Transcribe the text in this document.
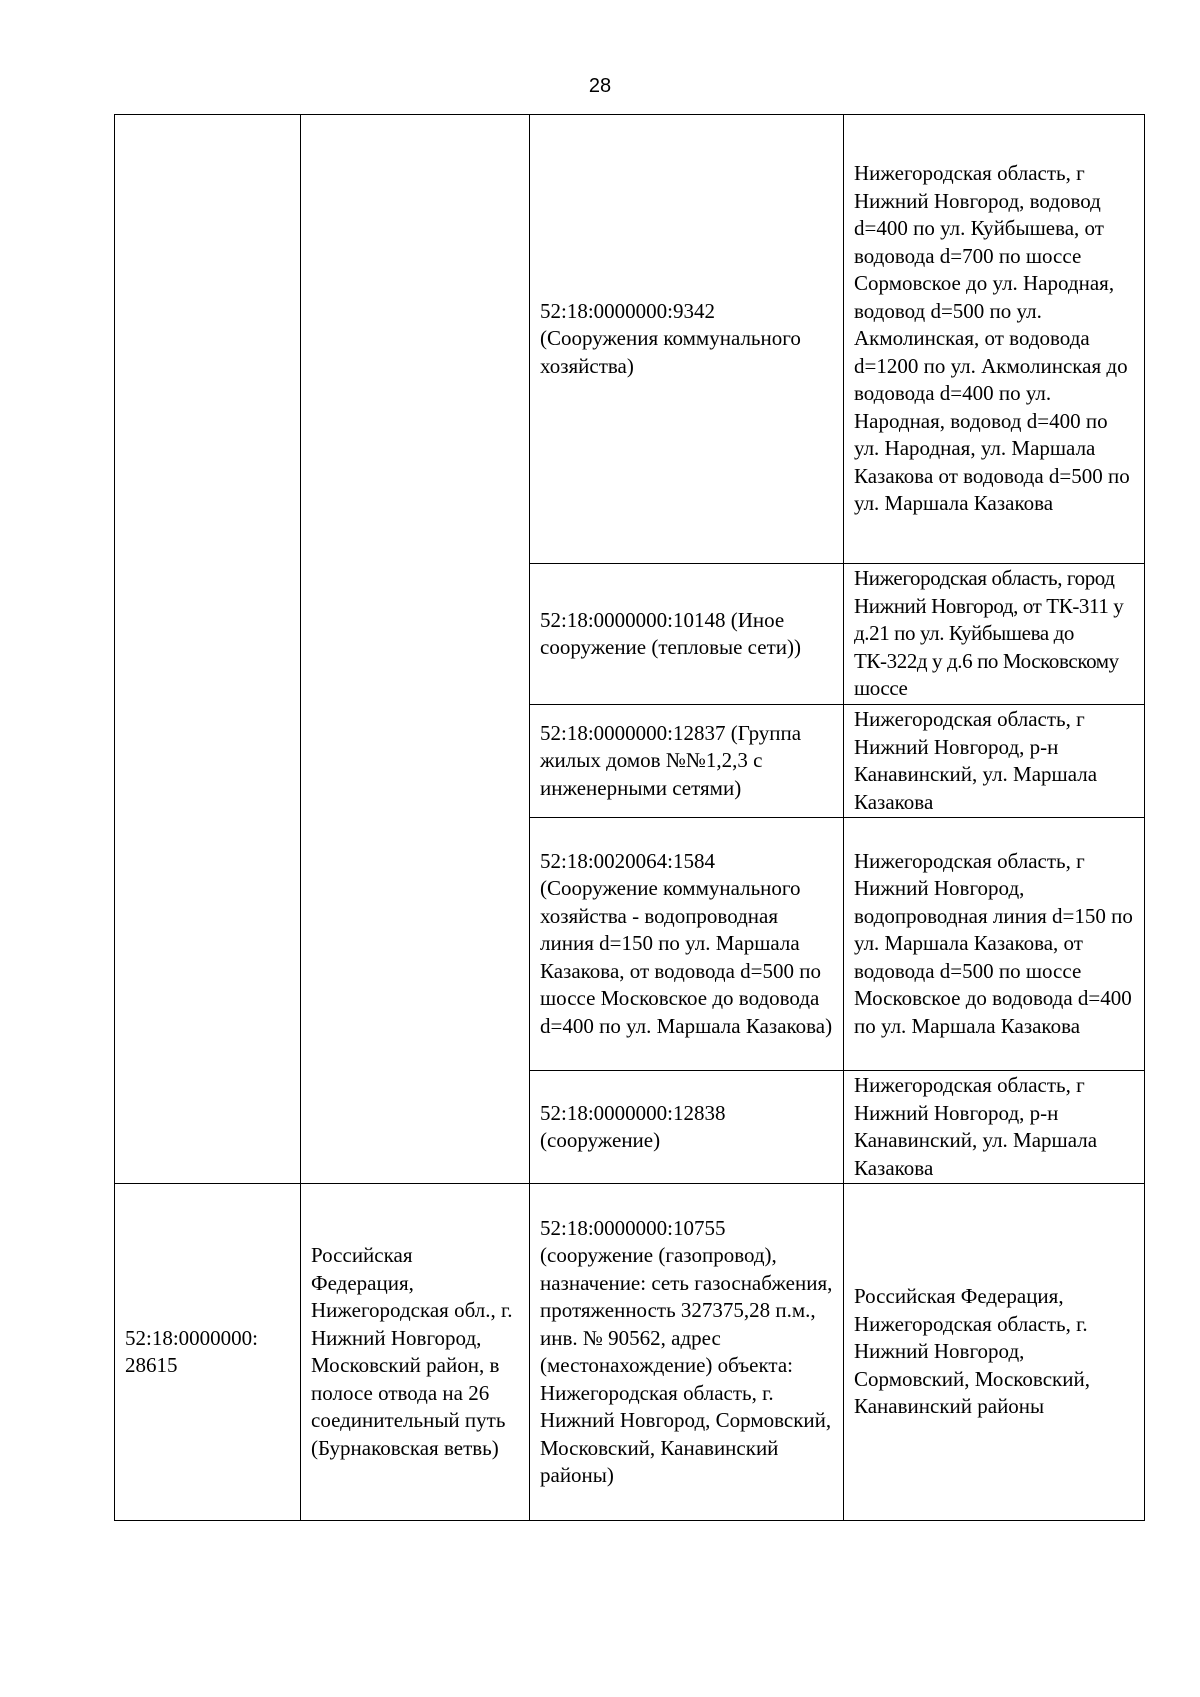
28
		52:18:0000000:9342 (Сооружения коммунального хозяйства)	Нижегородская область, г Нижний Новгород, водовод d=400 по ул. Куйбышева, от водовода d=700 по шоссе Сормовское до ул. Народная, водовод d=500 по ул. Акмолинская, от водовода d=1200 по ул. Акмолинская до водовода d=400 по ул. Народная, водовод d=400 по ул. Народная, ул. Маршала Казакова от водовода d=500 по ул. Маршала Казакова
		52:18:0000000:10148 (Иное сооружение (тепловые сети))	Нижегородская область, город Нижний Новгород, от ТК-311 у д.21 по ул. Куйбышева до ТК-322д у д.6 по Московскому шоссе
		52:18:0000000:12837 (Группа жилых домов №№1,2,3 с инженерными сетями)	Нижегородская область, г Нижний Новгород, р-н Канавинский, ул. Маршала Казакова
		52:18:0020064:1584 (Сооружение коммунального хозяйства - водопроводная линия d=150 по ул. Маршала Казакова, от водовода d=500 по шоссе Московское до водовода d=400 по ул. Маршала Казакова)	Нижегородская область, г Нижний Новгород, водопроводная линия d=150 по ул. Маршала Казакова, от водовода d=500 по шоссе Московское до водовода d=400 по ул. Маршала Казакова
		52:18:0000000:12838 (сооружение)	Нижегородская область, г Нижний Новгород, р-н Канавинский, ул. Маршала Казакова
52:18:0000000: 28615	Российская Федерация, Нижегородская обл., г. Нижний Новгород, Московский район, в полосе отвода на 26 соединительный путь (Бурнаковская ветвь)	52:18:0000000:10755 (сооружение (газопровод), назначение: сеть газоснабжения, протяженность 327375,28 п.м., инв. № 90562, адрес (местонахождение) объекта: Нижегородская область, г. Нижний Новгород, Сормовский, Московский, Канавинский районы)	Российская Федерация, Нижегородская область, г. Нижний Новгород, Сормовский, Московский, Канавинский районы
